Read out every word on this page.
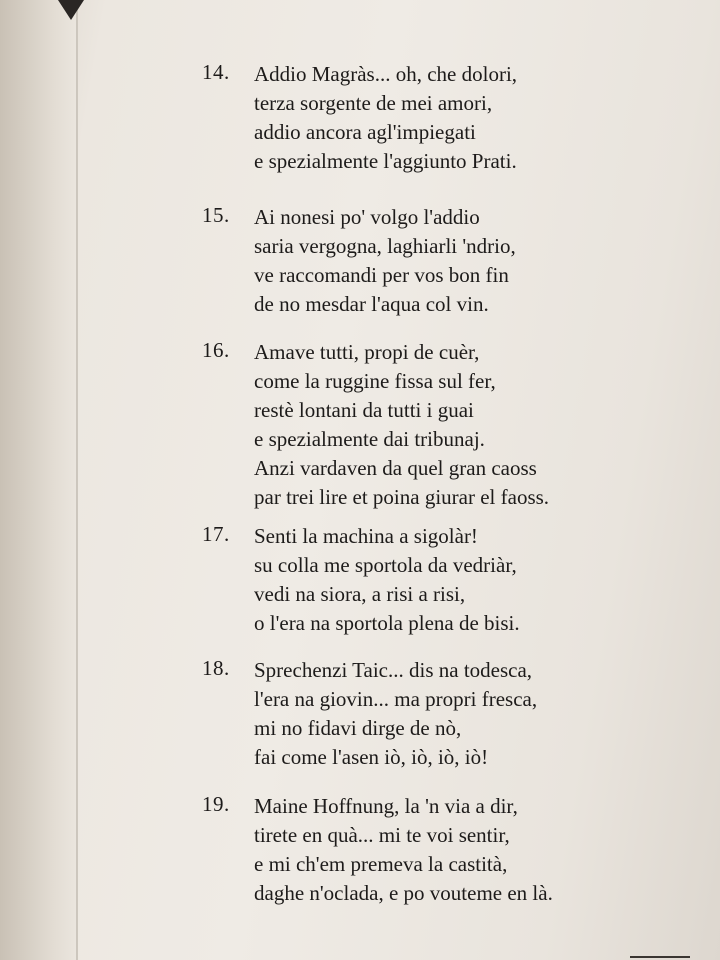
14. Addio Magràs... oh, che dolori,
terza sorgente de mei amori,
addio ancora agl'impiegati
e spezialmente l'aggiunto Prati.
15. Ai nonesi po' volgo l'addio
saria vergogna, laghiarli 'ndrio,
ve raccomandi per vos bon fin
de no mesdar l'aqua col vin.
16. Amave tutti, propi de cuèr,
come la ruggine fissa sul fer,
restè lontani da tutti i guai
e spezialmente dai tribunaj.
Anzi vardaven da quel gran caoss
par trei lire et poina giurar el faoss.
17. Senti la machina a sigolàr!
su colla me sportola da vedriàr,
vedi na siora, a risi a risi,
o l'era na sportola plena de bisi.
18. Sprechenzi Taic... dis na todesca,
l'era na giovin... ma propri fresca,
mi no fidavi dirge de nò,
fai come l'asen iò, iò, iò, iò!
19. Maine Hoffnung, la 'n via a dir,
tirete en quà... mi te voi sentir,
e mi ch'em premeva la castità,
daghe n'oclada, e po vouteme en là.
